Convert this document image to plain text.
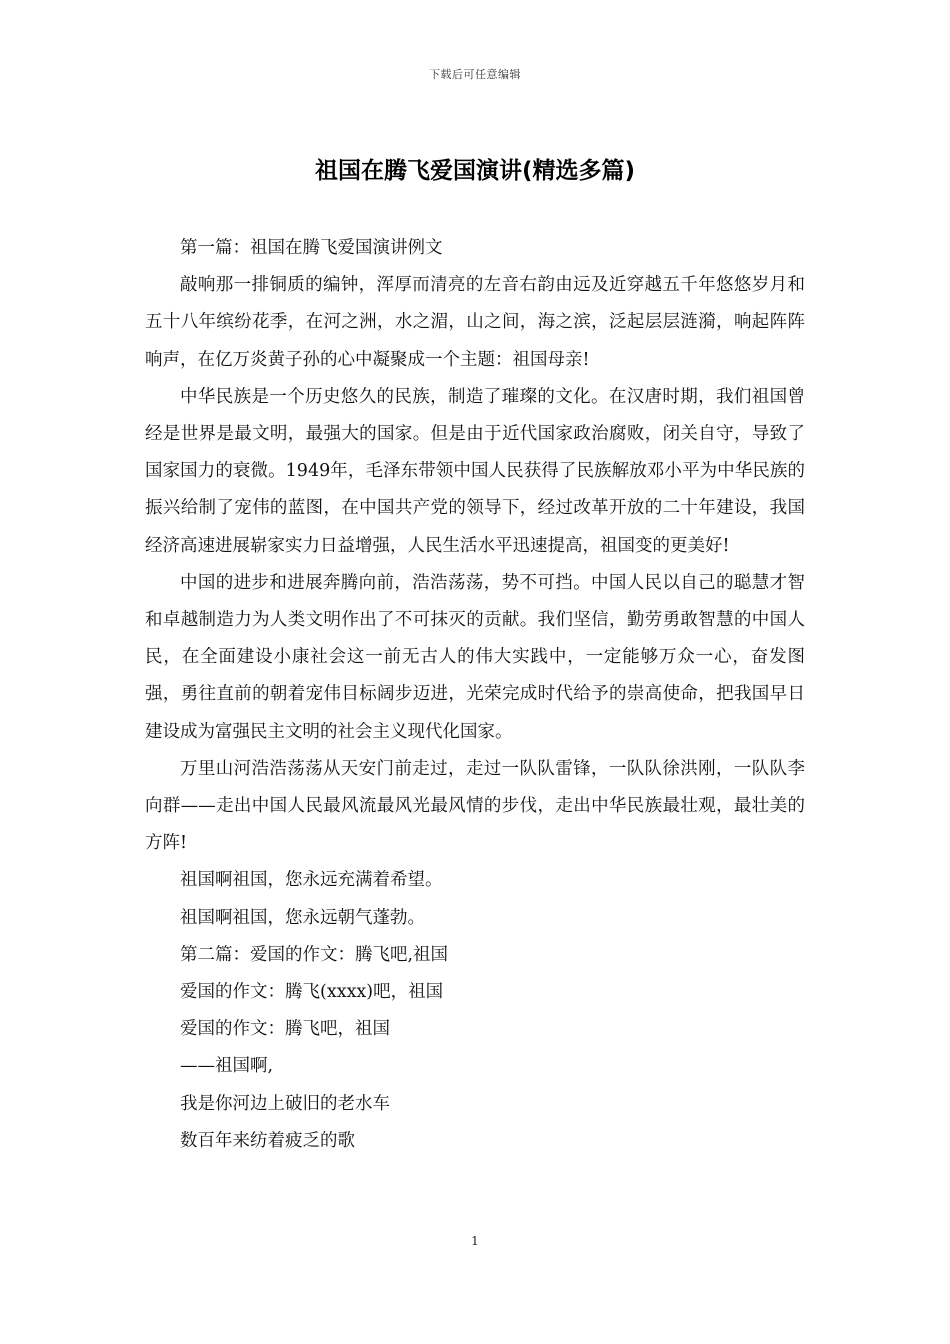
下载后可任意编辑
祖国在腾飞爱国演讲(精选多篇)

第一篇：祖国在腾飞爱国演讲例文

敲响那一排铜质的编钟，浑厚而清亮的左音右韵由远及近穿越五千年悠悠岁月和五十八年缤纷花季，在河之洲，水之湄，山之间，海之滨，泛起层层涟漪，响起阵阵响声，在亿万炎黄子孙的心中凝聚成一个主题：祖国母亲!

中华民族是一个历史悠久的民族，制造了璀璨的文化。在汉唐时期，我们祖国曾经是世界是最文明，最强大的国家。但是由于近代国家政治腐败，闭关自守，导致了国家国力的衰微。1949年，毛泽东带领中国人民获得了民族解放邓小平为中华民族的振兴给制了宠伟的蓝图，在中国共产党的领导下，经过改革开放的二十年建设，我国经济高速进展崭家实力日益增强，人民生活水平迅速提高，祖国变的更美好!

中国的进步和进展奔腾向前，浩浩荡荡，势不可挡。中国人民以自己的聪慧才智和卓越制造力为人类文明作出了不可抹灭的贡献。我们坚信，勤劳勇敢智慧的中国人民，在全面建设小康社会这一前无古人的伟大实践中，一定能够万众一心，奋发图强，勇往直前的朝着宠伟目标阔步迈进，光荣完成时代给予的崇高使命，把我国早日建设成为富强民主文明的社会主义现代化国家。

万里山河浩浩荡荡从天安门前走过，走过一队队雷锋，一队队徐洪刚，一队队李向群——走出中国人民最风流最风光最风情的步伐，走出中华民族最壮观，最壮美的方阵!

祖国啊祖国，您永远充满着希望。

祖国啊祖国，您永远朝气蓬勃。

第二篇：爱国的作文：腾飞吧,祖国

爱国的作文：腾飞(xxxx)吧，祖国

爱国的作文：腾飞吧，祖国

——祖国啊,

我是你河边上破旧的老水车

数百年来纺着疲乏的歌

1
